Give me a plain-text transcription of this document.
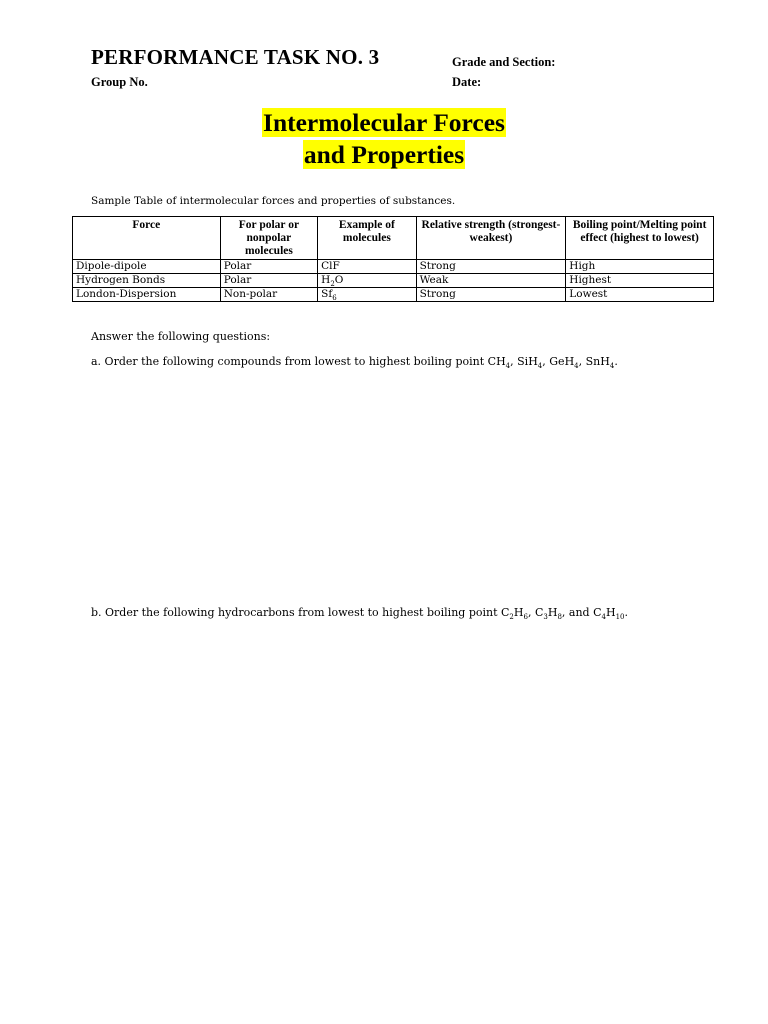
PERFORMANCE TASK NO. 3	Grade and Section:
Group No.	Date:
Intermolecular Forces
and Properties
Sample Table of intermolecular forces and properties of substances.
Force	For polar or nonpolar molecules	Example of molecules	Relative strength (strongest-weakest)	Boiling point/Melting point effect (highest to lowest)
Dipole-dipole	Polar	ClF	Strong	High
Hydrogen Bonds	Polar	$H_2O$	Weak	Highest
London-Dispersion	Non-polar	$Sf_6$	Strong	Lowest
Answer the following questions:
a. Order the following compounds from lowest to highest boiling point $CH_4$, SiH$_4$, GeH$_4$, SnH$_4$.
b. Order the following hydrocarbons from lowest to highest boiling point $C_2H_6$, $C_3H_8$, and $C_4H_{10}$.
